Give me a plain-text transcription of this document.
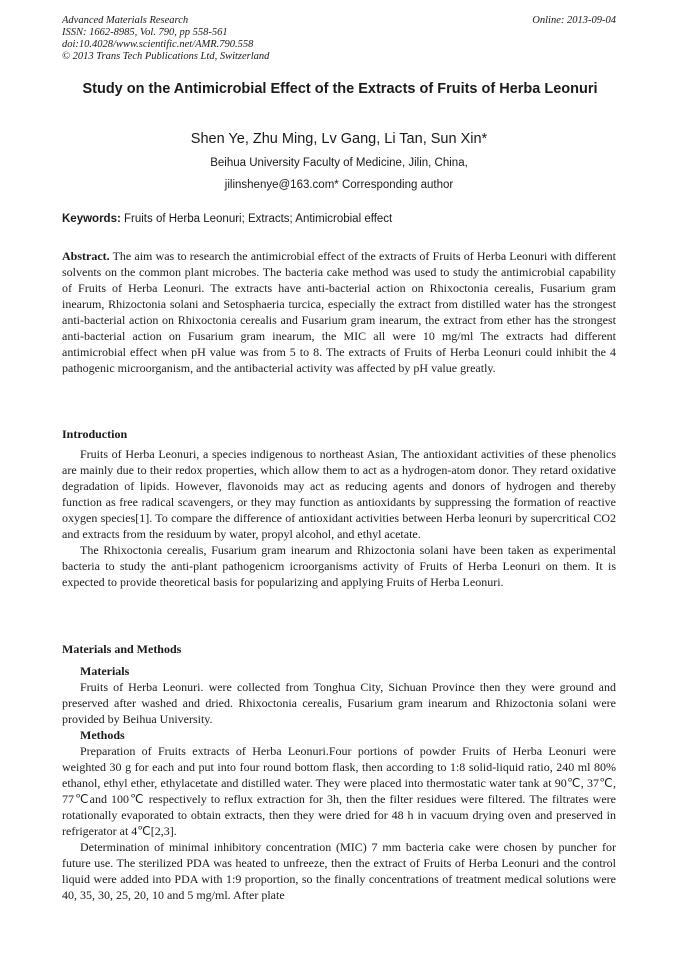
Advanced Materials Research
ISSN: 1662-8985, Vol. 790, pp 558-561
doi:10.4028/www.scientific.net/AMR.790.558
© 2013 Trans Tech Publications Ltd, Switzerland
Online: 2013-09-04
Study on the Antimicrobial Effect of the Extracts of Fruits of Herba Leonuri
Shen Ye, Zhu Ming, Lv Gang, Li Tan, Sun Xin*
Beihua University Faculty of Medicine, Jilin, China,
jilinshenye@163.com* Corresponding author
Keywords: Fruits of Herba Leonuri; Extracts; Antimicrobial effect
Abstract. The aim was to research the antimicrobial effect of the extracts of Fruits of Herba Leonuri with different solvents on the common plant microbes. The bacteria cake method was used to study the antimicrobial capability of Fruits of Herba Leonuri. The extracts have anti-bacterial action on Rhixoctonia cerealis, Fusarium gram inearum, Rhizoctonia solani and Setosphaeria turcica, especially the extract from distilled water has the strongest anti-bacterial action on Rhixoctonia cerealis and Fusarium gram inearum, the extract from ether has the strongest anti-bacterial action on Fusarium gram inearum, the MIC all were 10 mg/ml The extracts had different antimicrobial effect when pH value was from 5 to 8. The extracts of Fruits of Herba Leonuri could inhibit the 4 pathogenic microorganism, and the antibacterial activity was affected by pH value greatly.
Introduction

Fruits of Herba Leonuri, a species indigenous to northeast Asian, The antioxidant activities of these phenolics are mainly due to their redox properties, which allow them to act as a hydrogen-atom donor. They retard oxidative degradation of lipids. However, flavonoids may act as reducing agents and donors of hydrogen and thereby function as free radical scavengers, or they may function as antioxidants by suppressing the formation of reactive oxygen species[1]. To compare the difference of antioxidant activities between Herba leonuri by supercritical CO2 and extracts from the residuum by water, propyl alcohol, and ethyl acetate.

The Rhixoctonia cerealis, Fusarium gram inearum and Rhizoctonia solani have been taken as experimental bacteria to study the anti-plant pathogenicm icroorganisms activity of Fruits of Herba Leonuri on them. It is expected to provide theoretical basis for popularizing and applying Fruits of Herba Leonuri.

Materials and Methods
Materials

Fruits of Herba Leonuri. were collected from Tonghua City, Sichuan Province then they were ground and preserved after washed and dried. Rhixoctonia cerealis, Fusarium gram inearum and Rhizoctonia solani were provided by Beihua University.

Methods

Preparation of Fruits extracts of Herba Leonuri.Four portions of powder Fruits of Herba Leonuri were weighted 30 g for each and put into four round bottom flask, then according to 1:8 solid-liquid ratio, 240 ml 80% ethanol, ethyl ether, ethylacetate and distilled water. They were placed into thermostatic water tank at 90℃, 37℃, 77℃and 100℃ respectively to reflux extraction for 3h, then the filter residues were filtered. The filtrates were rotationally evaporated to obtain extracts, then they were dried for 48 h in vacuum drying oven and preserved in refrigerator at 4℃[2,3].

Determination of minimal inhibitory concentration (MIC) 7 mm bacteria cake were chosen by puncher for future use. The sterilized PDA was heated to unfreeze, then the extract of Fruits of Herba Leonuri and the control liquid were added into PDA with 1:9 proportion, so the finally concentrations of treatment medical solutions were 40, 35, 30, 25, 20, 10 and 5 mg/ml. After plate
